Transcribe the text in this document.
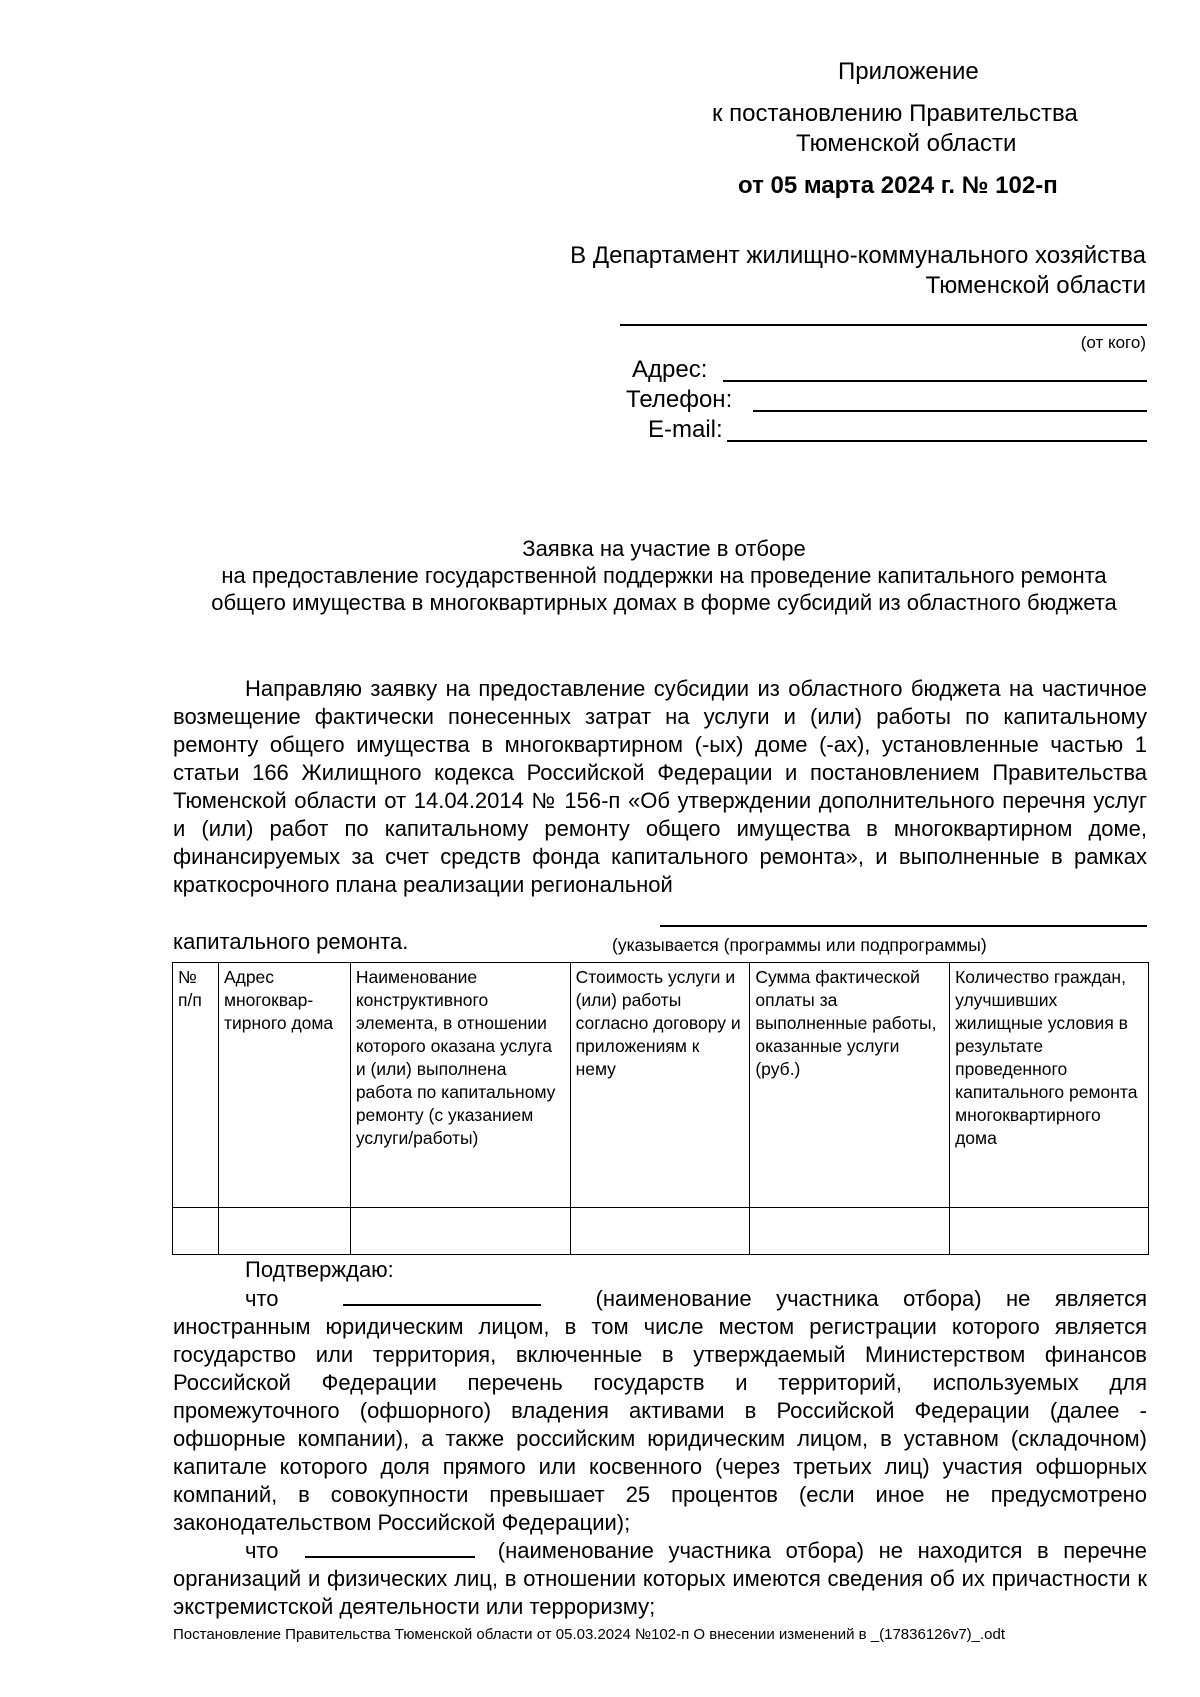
Приложение
к постановлению Правительства
Тюменской области
от 05 марта 2024 г. № 102-п
В Департамент жилищно-коммунального хозяйства
Тюменской области
(от кого)
Адрес:
Телефон:
E-mail:
Заявка на участие в отборе
на предоставление государственной поддержки на проведение капитального ремонта общего имущества в многоквартирных домах в форме субсидий из областного бюджета
Направляю заявку на предоставление субсидии из областного бюджета на частичное возмещение фактически понесенных затрат на услуги и (или) работы по капитальному ремонту общего имущества в многоквартирном (-ых) доме (-ах), установленные частью 1 статьи 166 Жилищного кодекса Российской Федерации и постановлением Правительства Тюменской области от 14.04.2014 № 156-п «Об утверждении дополнительного перечня услуг и (или) работ по капитальному ремонту общего имущества в многоквартирном доме, финансируемых за счет средств фонда капитального ремонта», и выполненные в рамках краткосрочного плана реализации региональной
капитального ремонта.	(указывается (программы или подпрограммы)
№ п/п	Адрес многоквар-тирного дома	Наименование конструктивного элемента, в отношении которого оказана услуга и (или) выполнена работа по капитальному ремонту (с указанием услуги/работы)	Стоимость услуги и (или) работы согласно договору и приложениям к нему	Сумма фактической оплаты за выполненные работы, оказанные услуги (руб.)	Количество граждан, улучшивших жилищные условия в результате проведенного капитального ремонта многоквартирного дома

Подтверждаю:
что	(наименование участника отбора) не является иностранным юридическим лицом, в том числе местом регистрации которого является государство или территория, включенные в утверждаемый Министерством финансов Российской Федерации перечень государств и территорий, используемых для промежуточного (офшорного) владения активами в Российской Федерации (далее - офшорные компании), а также российским юридическим лицом, в уставном (складочном) капитале которого доля прямого или косвенного (через третьих лиц) участия офшорных компаний, в совокупности превышает 25 процентов (если иное не предусмотрено законодательством Российской Федерации);
что	(наименование участника отбора) не находится в перечне организаций и физических лиц, в отношении которых имеются сведения об их причастности к экстремистской деятельности или терроризму;
Постановление Правительства Тюменской области от 05.03.2024 №102-п О внесении изменений в _(17836126v7)_.odt
